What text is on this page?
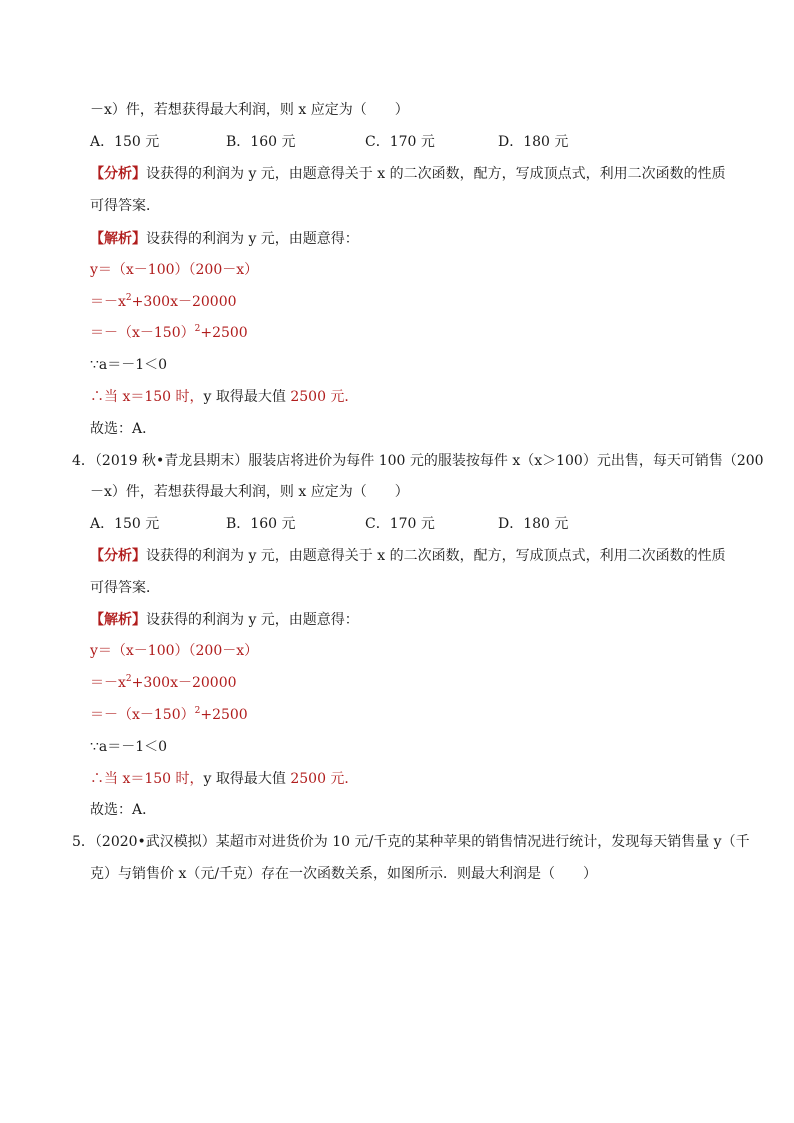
－x）件，若想获得最大利润，则 x 应定为（　　）
A．150 元	B．160 元	C．170 元	D．180 元
【分析】设获得的利润为 y 元，由题意得关于 x 的二次函数，配方，写成顶点式，利用二次函数的性质
可得答案．
【解析】设获得的利润为 y 元，由题意得：
y＝（x－100）（200－x）
$=-x^2+300x-20000$
$=-(x-150)^2+2500$
∵a＝－1＜0
∴当 x＝150 时，y 取得最大值 2500 元．
故选：A．
4．（2019 秋•青龙县期末）服装店将进价为每件 100 元的服装按每件 x（x＞100）元出售，每天可销售（200
－x）件，若想获得最大利润，则 x 应定为（　　）
A．150 元	B．160 元	C．170 元	D．180 元
【分析】设获得的利润为 y 元，由题意得关于 x 的二次函数，配方，写成顶点式，利用二次函数的性质
可得答案．
【解析】设获得的利润为 y 元，由题意得：
y＝（x－100）（200－x）
$=-x^2+300x-20000$
$=-(x-150)^2+2500$
∵a＝－1＜0
∴当 x＝150 时，y 取得最大值 2500 元．
故选：A．
5．（2020•武汉模拟）某超市对进货价为 10 元/千克的某种苹果的销售情况进行统计，发现每天销售量 y（千
克）与销售价 x（元/千克）存在一次函数关系，如图所示．则最大利润是（　　）
